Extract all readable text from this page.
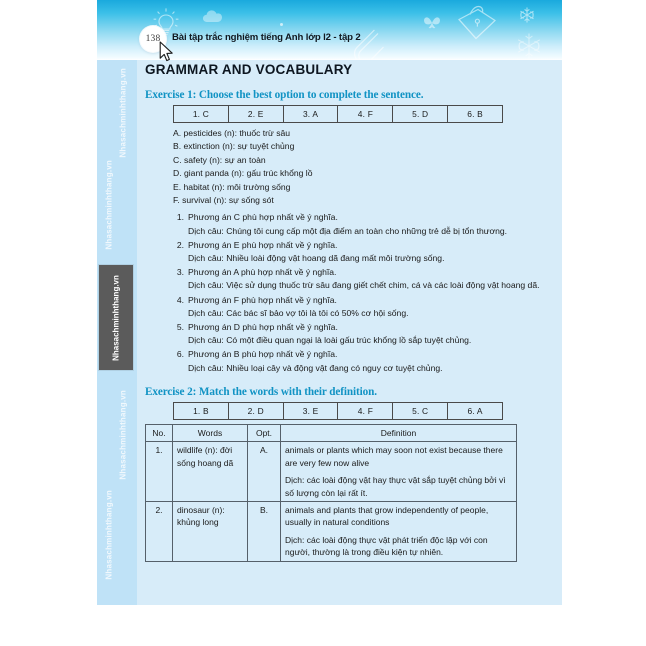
138	Bài tập trắc nghiệm tiếng Anh lớp l2 - tập 2
Nhasachminhthang.vn
Nhasachminhthang.vn
Nhasachminhthang.vn
Nhasachminhthang.vn
Nhasachminhthang.vn
GRAMMAR AND VOCABULARY
Exercise 1: Choose the best option to complete the sentence.
1. C	2. E	3. A	4. F	5. D	6. B
A. pesticides (n): thuốc trừ sâu
B. extinction (n): sự tuyệt chủng
C. safety (n): sự an toàn
D. giant panda (n): gấu trúc khổng lồ
E. habitat (n): môi trường sống
F. survival (n): sự sống sót
Phương án C phù hợp nhất về ý nghĩa.
Dịch câu: Chúng tôi cung cấp một địa điểm an toàn cho những trẻ dễ bị tổn thương.
Phương án E phù hợp nhất về ý nghĩa.
Dịch câu: Nhiều loài động vật hoang dã đang mất môi trường sống.
Phương án A phù hợp nhất về ý nghĩa.
Dịch câu: Việc sử dụng thuốc trừ sâu đang giết chết chim, cá và các loài động vật hoang dã.
Phương án F phù hợp nhất về ý nghĩa.
Dịch câu: Các bác sĩ bảo vợ tôi là tôi có 50% cơ hội sống.
Phương án D phù hợp nhất về ý nghĩa.
Dịch câu: Có một điều quan ngại là loài gấu trúc khổng lồ sắp tuyệt chủng.
Phương án B phù hợp nhất về ý nghĩa.
Dịch câu: Nhiều loại cây và động vật đang có nguy cơ tuyệt chủng.
Exercise 2: Match the words with their definition.
1. B	2. D	3. E	4. F	5. C	6. A
No.	Words	Opt.	Definition
1.	wildlife (n): đời sống hoang dã	A.	animals or plants which may soon not exist because there are very few now alive
Dịch: các loài động vật hay thực vật sắp tuyệt chủng bởi vì số lượng còn lại rất ít.

2.	dinosaur (n): khủng long	B.	animals and plants that grow independently of people, usually in natural conditions
Dịch: các loài động thực vật phát triển độc lập với con người, thường là trong điều kiện tự nhiên.
